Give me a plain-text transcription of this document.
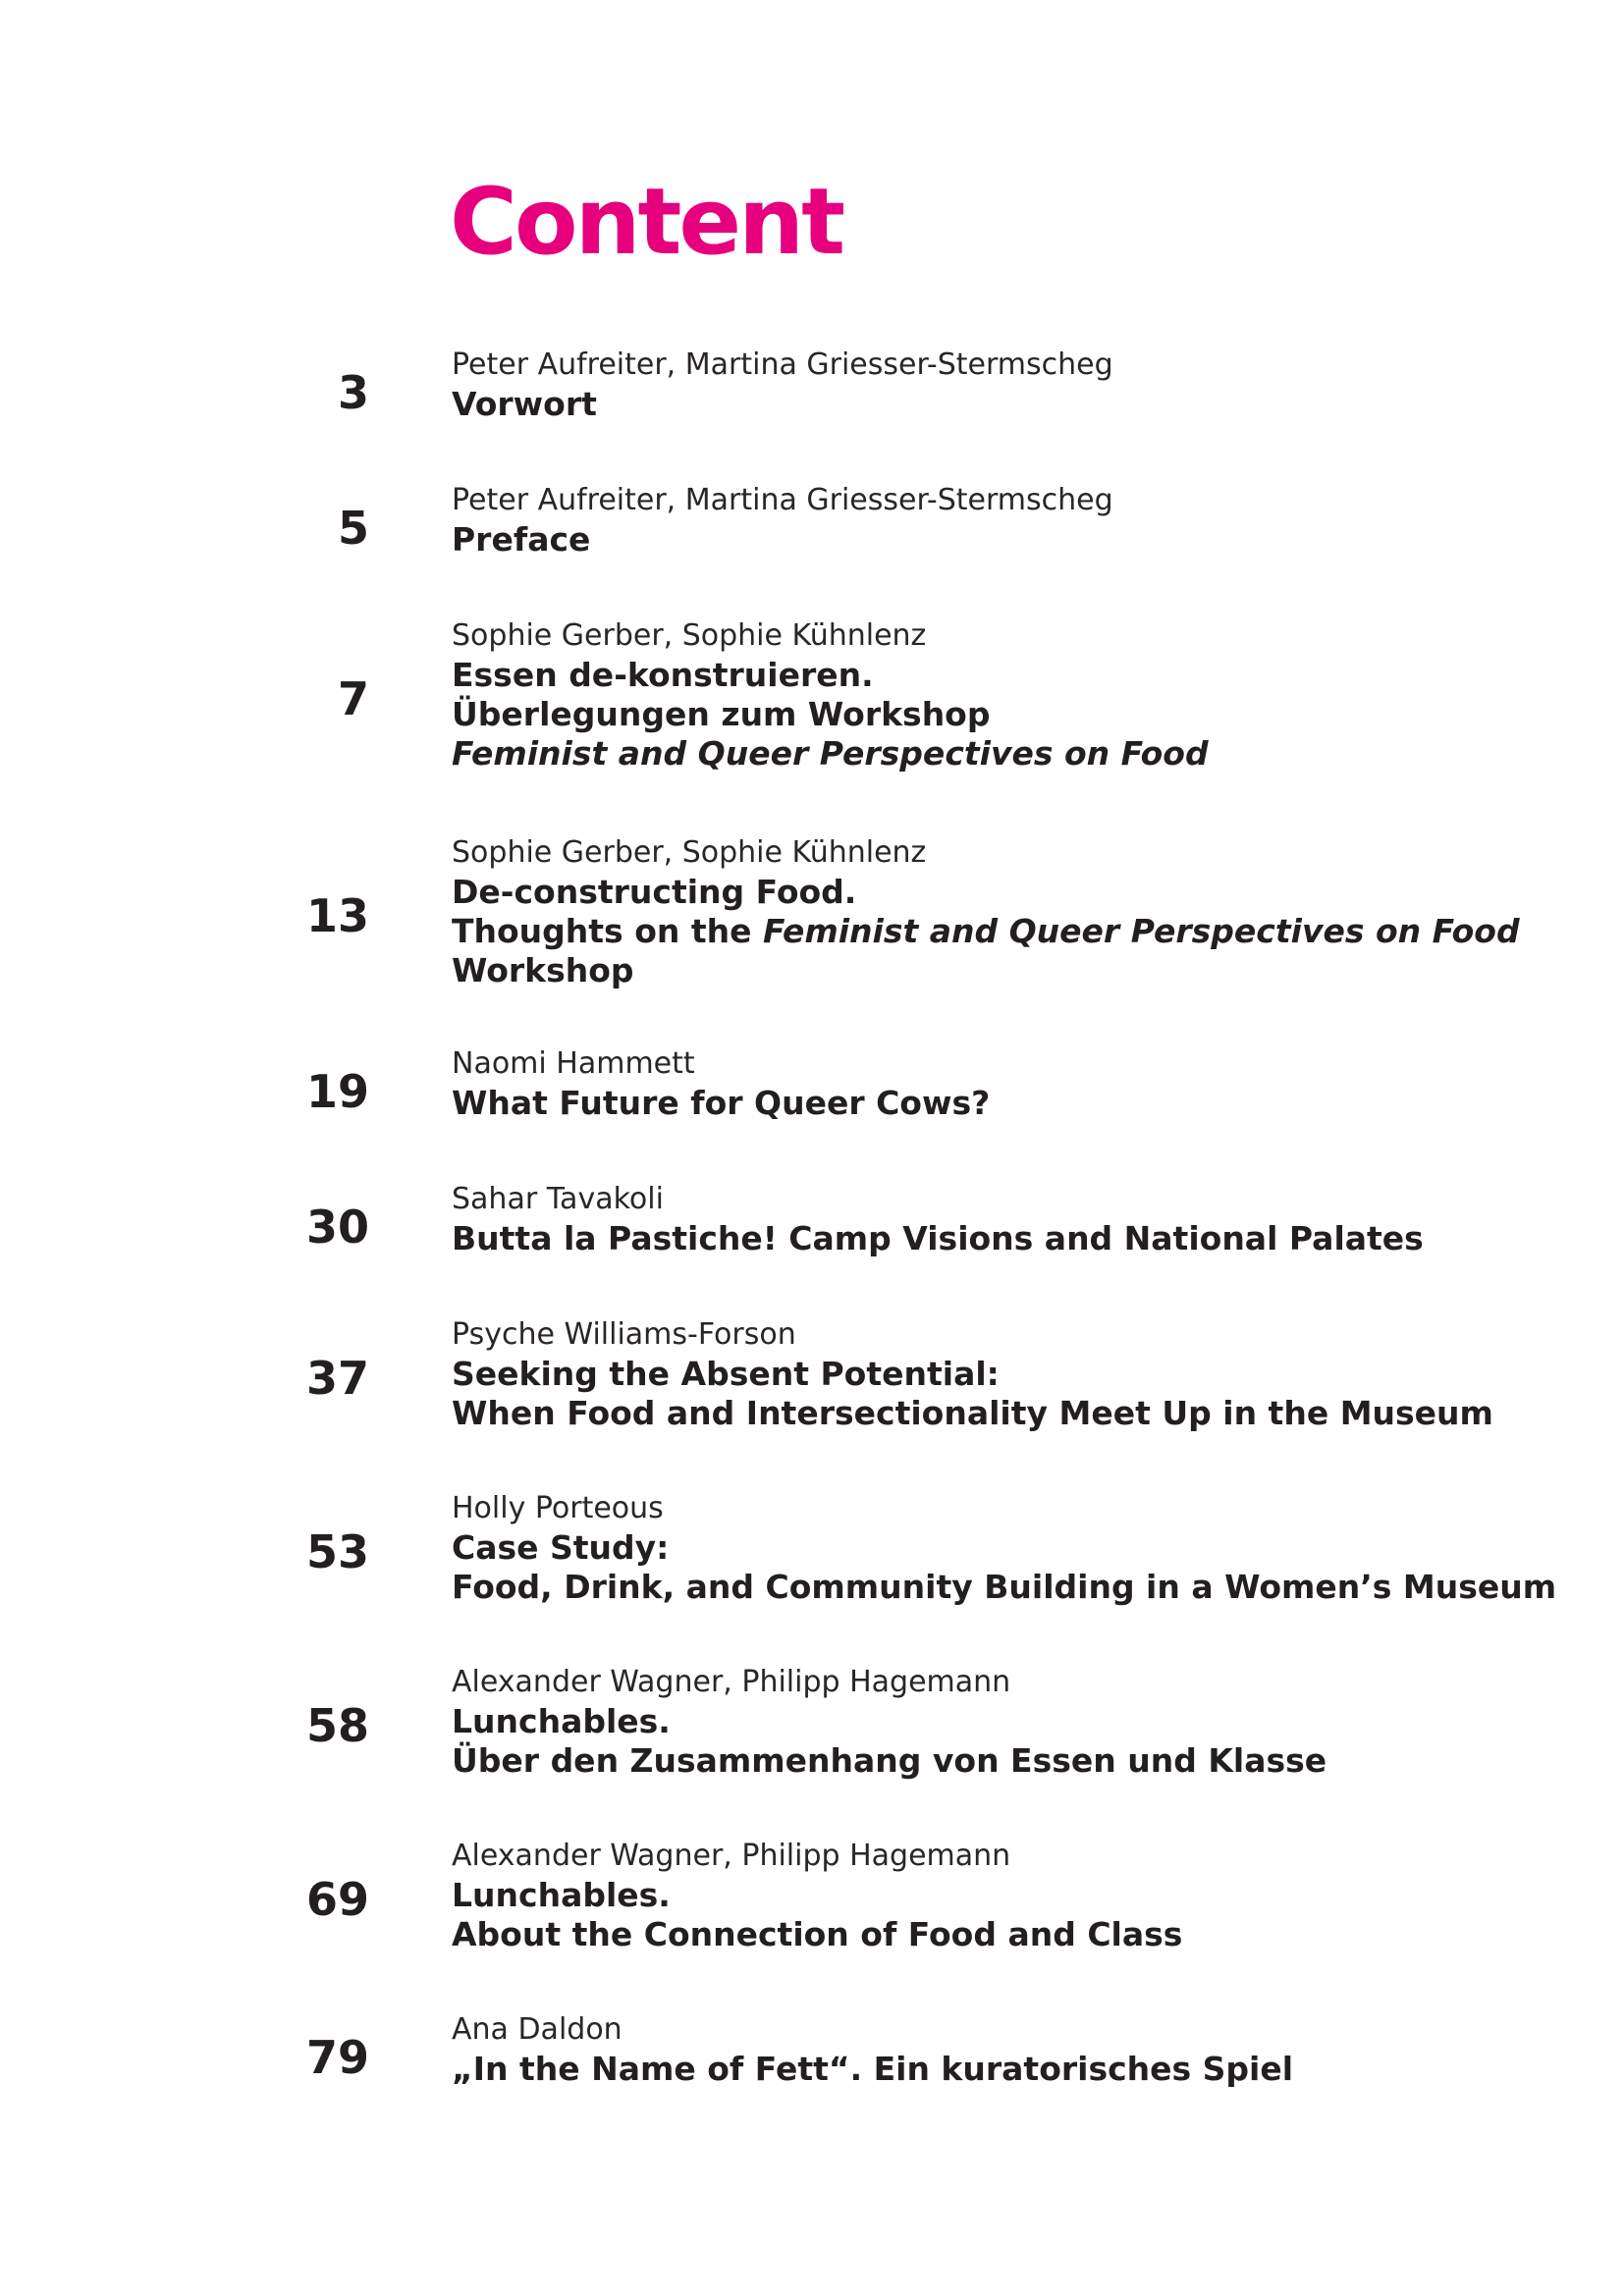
Content
3
Peter Aufreiter, Martina Griesser-Stermscheg
Vorwort
5
Peter Aufreiter, Martina Griesser-Stermscheg
Preface
7
Sophie Gerber, Sophie Kühnlenz
Essen de-konstruieren.
Überlegungen zum Workshop
Feminist and Queer Perspectives on Food
13
Sophie Gerber, Sophie Kühnlenz
De-constructing Food.
Thoughts on the Feminist and Queer Perspectives on Food
Workshop
19
Naomi Hammett
What Future for Queer Cows?
30
Sahar Tavakoli
Butta la Pastiche! Camp Visions and National Palates
37
Psyche Williams-Forson
Seeking the Absent Potential:
When Food and Intersectionality Meet Up in the Museum
53
Holly Porteous
Case Study:
Food, Drink, and Community Building in a Women’s Museum
58
Alexander Wagner, Philipp Hagemann
Lunchables.
Über den Zusammenhang von Essen und Klasse
69
Alexander Wagner, Philipp Hagemann
Lunchables.
About the Connection of Food and Class
79
Ana Daldon
„In the Name of Fett“. Ein kuratorisches Spiel
